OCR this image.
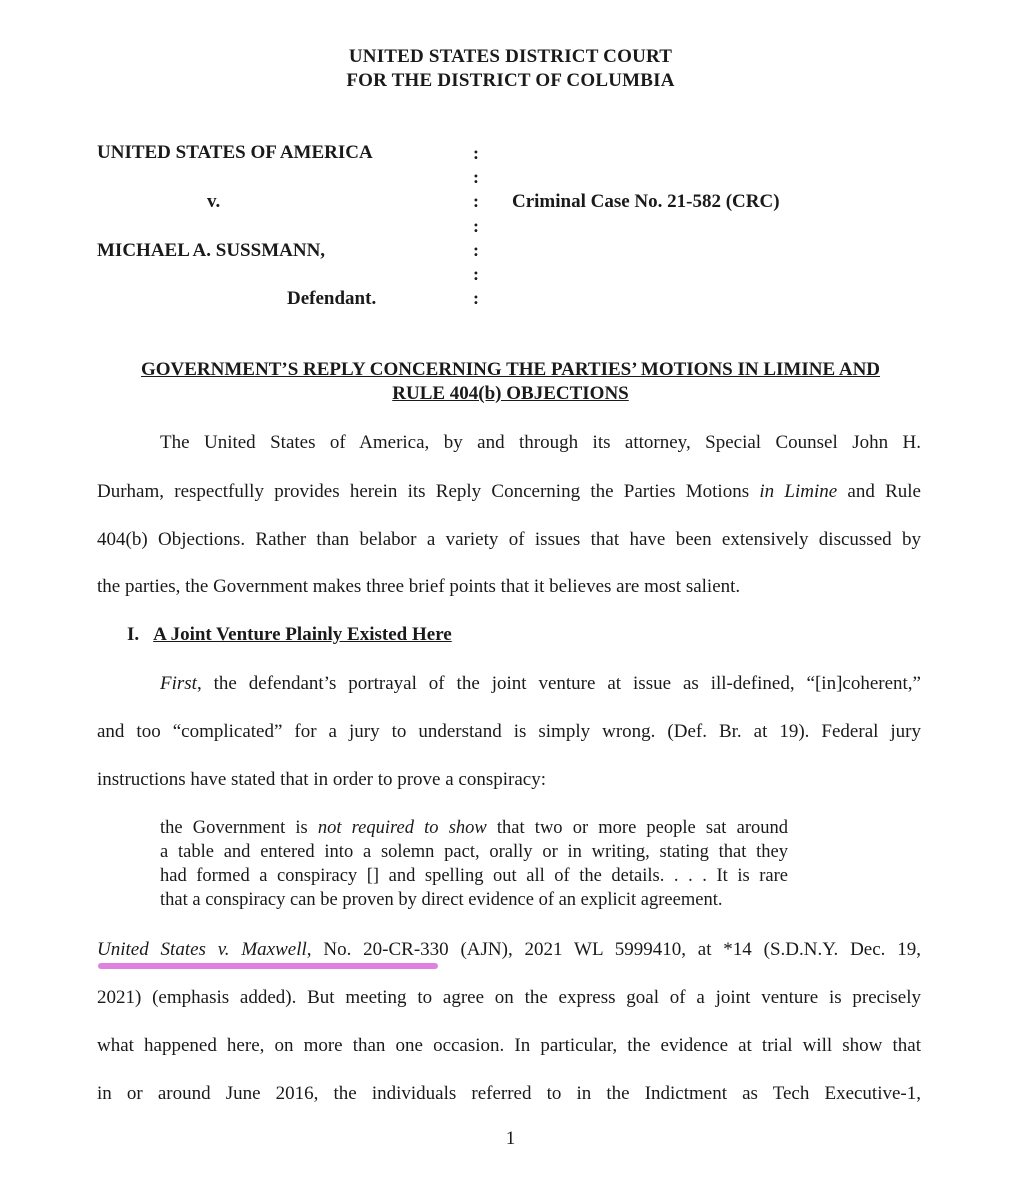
UNITED STATES DISTRICT COURT
FOR THE DISTRICT OF COLUMBIA
UNITED STATES OF AMERICA
v.
MICHAEL A. SUSSMANN,
Defendant.
Criminal Case No. 21-582 (CRC)
:
:
:
:
:
:
:
GOVERNMENT’S REPLY CONCERNING THE PARTIES’ MOTIONS IN LIMINE AND
RULE 404(b) OBJECTIONS
The United States of America, by and through its attorney, Special Counsel John H.
Durham, respectfully provides herein its Reply Concerning the Parties Motions in Limine and Rule
404(b) Objections. Rather than belabor a variety of issues that have been extensively discussed by
the parties, the Government makes three brief points that it believes are most salient.
I. A Joint Venture Plainly Existed Here
First, the defendant’s portrayal of the joint venture at issue as ill-defined, “[in]coherent,”
and too “complicated” for a jury to understand is simply wrong. (Def. Br. at 19). Federal jury
instructions have stated that in order to prove a conspiracy:
the Government is not required to show that two or more people sat around
a table and entered into a solemn pact, orally or in writing, stating that they
had formed a conspiracy [] and spelling out all of the details. . . . It is rare
that a conspiracy can be proven by direct evidence of an explicit agreement.
United States v. Maxwell, No. 20-CR-330 (AJN), 2021 WL 5999410, at *14 (S.D.N.Y. Dec. 19,
2021) (emphasis added). But meeting to agree on the express goal of a joint venture is precisely
what happened here, on more than one occasion. In particular, the evidence at trial will show that
in or around June 2016, the individuals referred to in the Indictment as Tech Executive-1,
1
